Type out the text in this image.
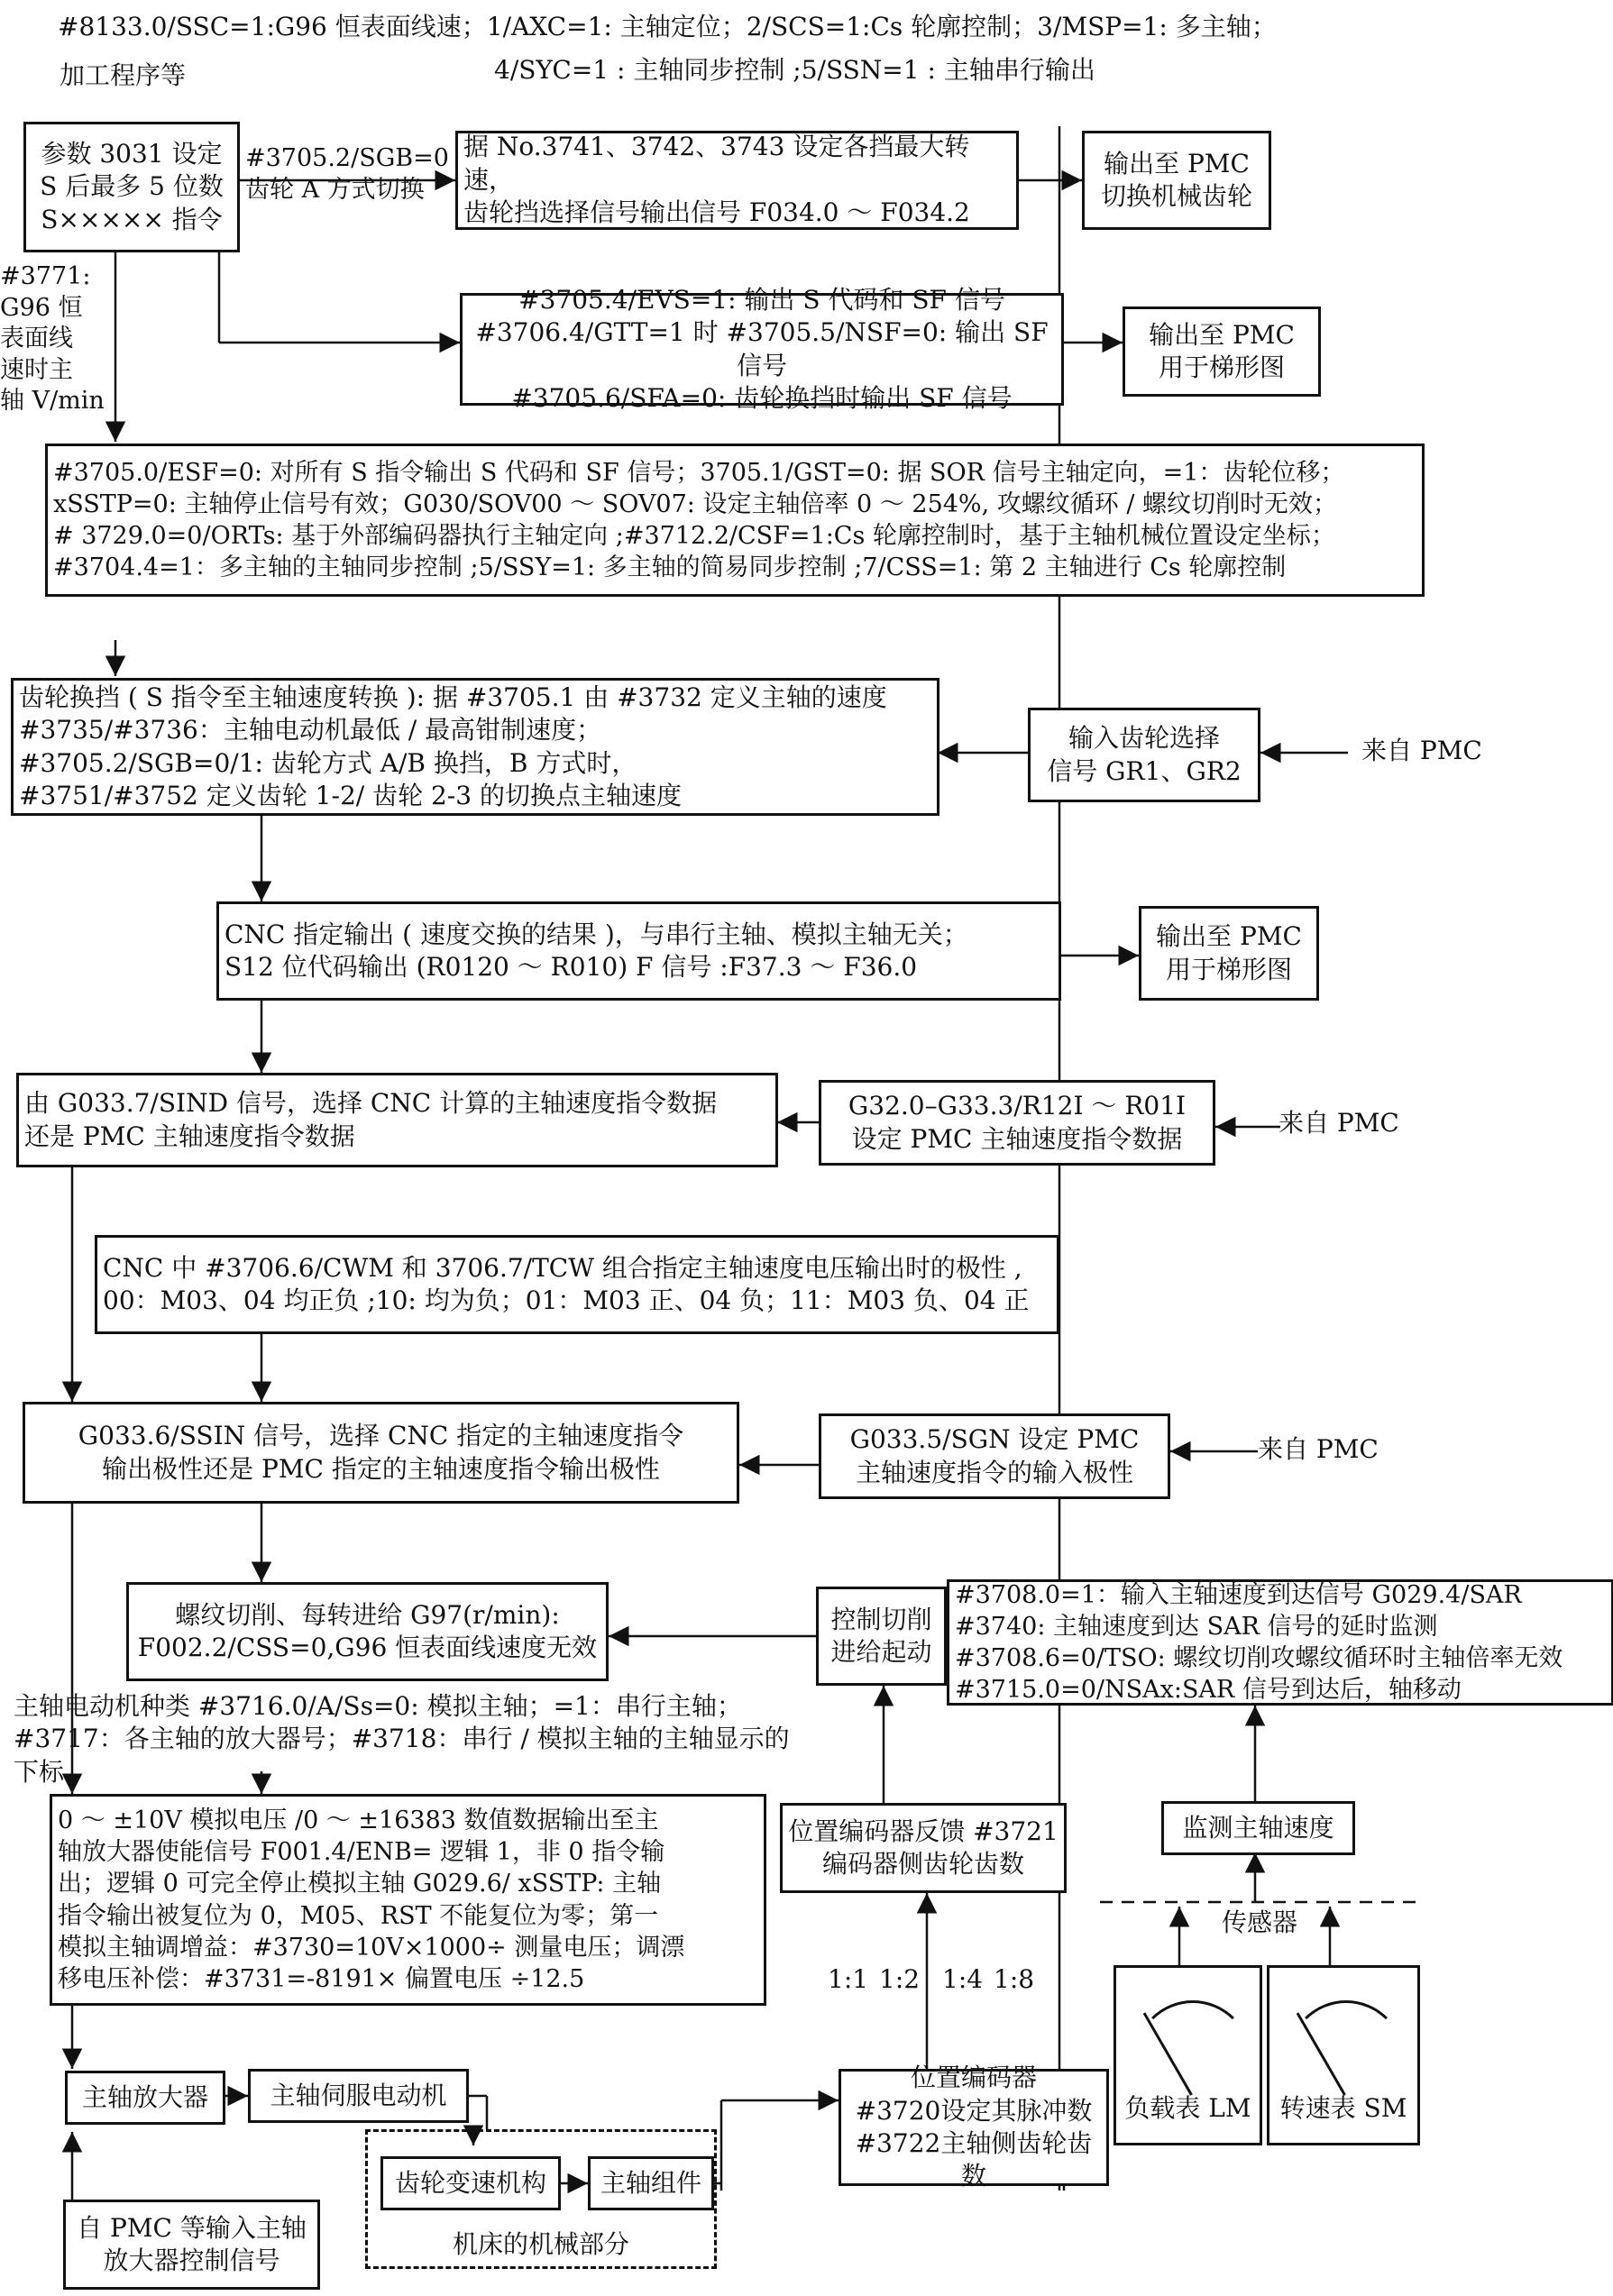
#8133.0/SSC=1:G96 恒表面线速；1/AXC=1: 主轴定位；2/SCS=1:Cs 轮廓控制；3/MSP=1: 多主轴；
4/SYC=1 : 主轴同步控制 ;5/SSN=1 : 主轴串行输出
加工程序等
参数 3031 设定
S 后最多 5 位数
S××××× 指令
#3705.2/SGB=0
齿轮 A 方式切换
据 No.3741、3742、3743 设定各挡最大转速，
齿轮挡选择信号输出信号 F034.0 ～ F034.2
输出至 PMC
切换机械齿轮
#3771:
G96 恒
表面线
速时主
轴 V/min
#3705.4/EVS=1: 输出 S 代码和 SF 信号
#3706.4/GTT=1 时 #3705.5/NSF=0: 输出 SF 信号
#3705.6/SFA=0: 齿轮换挡时输出 SF 信号
输出至 PMC
用于梯形图
#3705.0/ESF=0: 对所有 S 指令输出 S 代码和 SF 信号；3705.1/GST=0: 据 SOR 信号主轴定向，=1：齿轮位移；
xSSTP=0: 主轴停止信号有效；G030/SOV00 ～ SOV07: 设定主轴倍率 0 ～ 254%, 攻螺纹循环 / 螺纹切削时无效；
# 3729.0=0/ORTs: 基于外部编码器执行主轴定向 ;#3712.2/CSF=1:Cs 轮廓控制时，基于主轴机械位置设定坐标；
#3704.4=1：多主轴的主轴同步控制 ;5/SSY=1: 多主轴的简易同步控制 ;7/CSS=1: 第 2 主轴进行 Cs 轮廓控制
齿轮换挡 ( S 指令至主轴速度转换 ): 据 #3705.1 由 #3732 定义主轴的速度
#3735/#3736：主轴电动机最低 / 最高钳制速度；
#3705.2/SGB=0/1: 齿轮方式 A/B 换挡，B 方式时，
#3751/#3752 定义齿轮 1-2/ 齿轮 2-3 的切换点主轴速度
输入齿轮选择
信号 GR1、GR2
来自 PMC
CNC 指定输出 ( 速度交换的结果 )，与串行主轴、模拟主轴无关；
S12 位代码输出 (R0120 ～ R010) F 信号 :F37.3 ～ F36.0
输出至 PMC
用于梯形图
由 G033.7/SIND 信号，选择 CNC 计算的主轴速度指令数据
还是 PMC 主轴速度指令数据
G32.0–G33.3/R12I ～ R01I
设定 PMC 主轴速度指令数据
来自 PMC
CNC 中 #3706.6/CWM 和 3706.7/TCW 组合指定主轴速度电压输出时的极性 ,
00：M03、04 均正负 ;10: 均为负；01：M03 正、04 负；11：M03 负、04 正
G033.6/SSIN 信号，选择 CNC 指定的主轴速度指令
输出极性还是 PMC 指定的主轴速度指令输出极性
G033.5/SGN 设定 PMC
主轴速度指令的输入极性
来自 PMC
螺纹切削、每转进给 G97(r/min):
F002.2/CSS=0,G96 恒表面线速度无效
控制切削
进给起动
#3708.0=1：输入主轴速度到达信号 G029.4/SAR
#3740: 主轴速度到达 SAR 信号的延时监测
#3708.6=0/TSO: 螺纹切削攻螺纹循环时主轴倍率无效
#3715.0=0/NSAx:SAR 信号到达后，轴移动
主轴电动机种类 #3716.0/A/Ss=0: 模拟主轴；=1：串行主轴；
#3717：各主轴的放大器号；#3718：串行 / 模拟主轴的主轴显示的
下标
0 ～ ±10V 模拟电压 /0 ～ ±16383 数值数据输出至主
轴放大器使能信号 F001.4/ENB= 逻辑 1，非 0 指令输
出；逻辑 0 可完全停止模拟主轴 G029.6/ xSSTP: 主轴
指令输出被复位为 0，M05、RST 不能复位为零；第一
模拟主轴调增益：#3730=10V×1000÷ 测量电压；调漂
移电压补偿：#3731=-8191× 偏置电压 ÷12.5
位置编码器反馈 #3721
编码器侧齿轮齿数
监测主轴速度
传感器
1:1 1:2 1:4 1:8
负载表 LM	转速表 SM
主轴放大器 主轴伺服电动机
机床的机械部分
齿轮变速机构 主轴组件
位置编码器
#3720设定其脉冲数
#3722主轴侧齿轮齿数
自 PMC 等输入主轴
放大器控制信号
